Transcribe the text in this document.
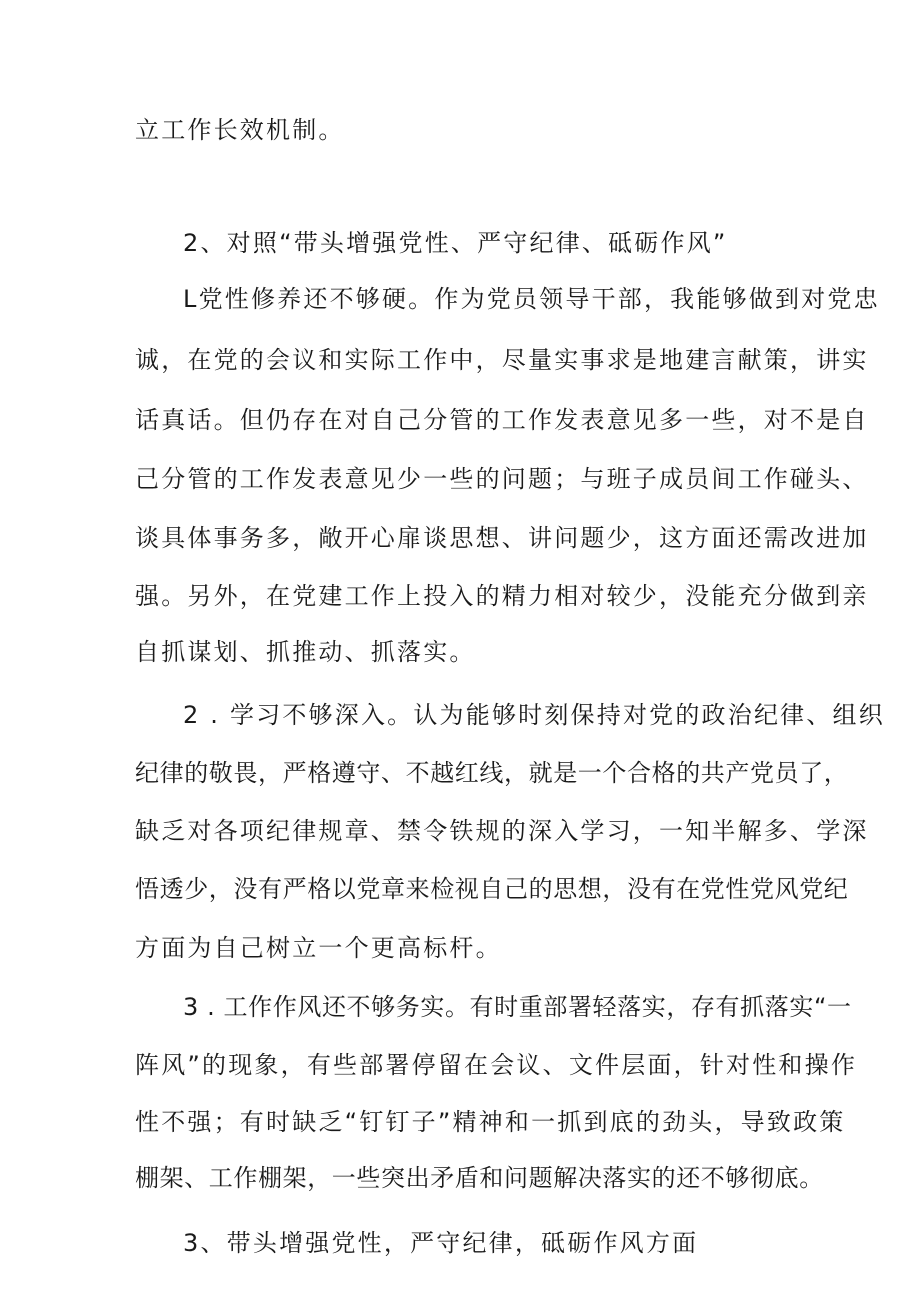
立工作长效机制。
2、对照“带头增强党性、严守纪律、砥砺作风”
L党性修养还不够硬。作为党员领导干部，我能够做到对党忠
诚，在党的会议和实际工作中，尽量实事求是地建言献策，讲实
话真话。但仍存在对自己分管的工作发表意见多一些，对不是自
己分管的工作发表意见少一些的问题；与班子成员间工作碰头、
谈具体事务多，敞开心扉谈思想、讲问题少，这方面还需改进加
强。另外，在党建工作上投入的精力相对较少，没能充分做到亲
自抓谋划、抓推动、抓落实。
2 . 学习不够深入。认为能够时刻保持对党的政治纪律、组织
纪律的敬畏，严格遵守、不越红线，就是一个合格的共产党员了，
缺乏对各项纪律规章、禁令铁规的深入学习，一知半解多、学深
悟透少，没有严格以党章来检视自己的思想，没有在党性党风党纪
方面为自己树立一个更高标杆。
3 . 工作作风还不够务实。有时重部署轻落实，存有抓落实“一
阵风”的现象，有些部署停留在会议、文件层面，针对性和操作
性不强；有时缺乏“钉钉子”精神和一抓到底的劲头，导致政策
棚架、工作棚架，一些突出矛盾和问题解决落实的还不够彻底。
3、带头增强党性，严守纪律，砥砺作风方面
